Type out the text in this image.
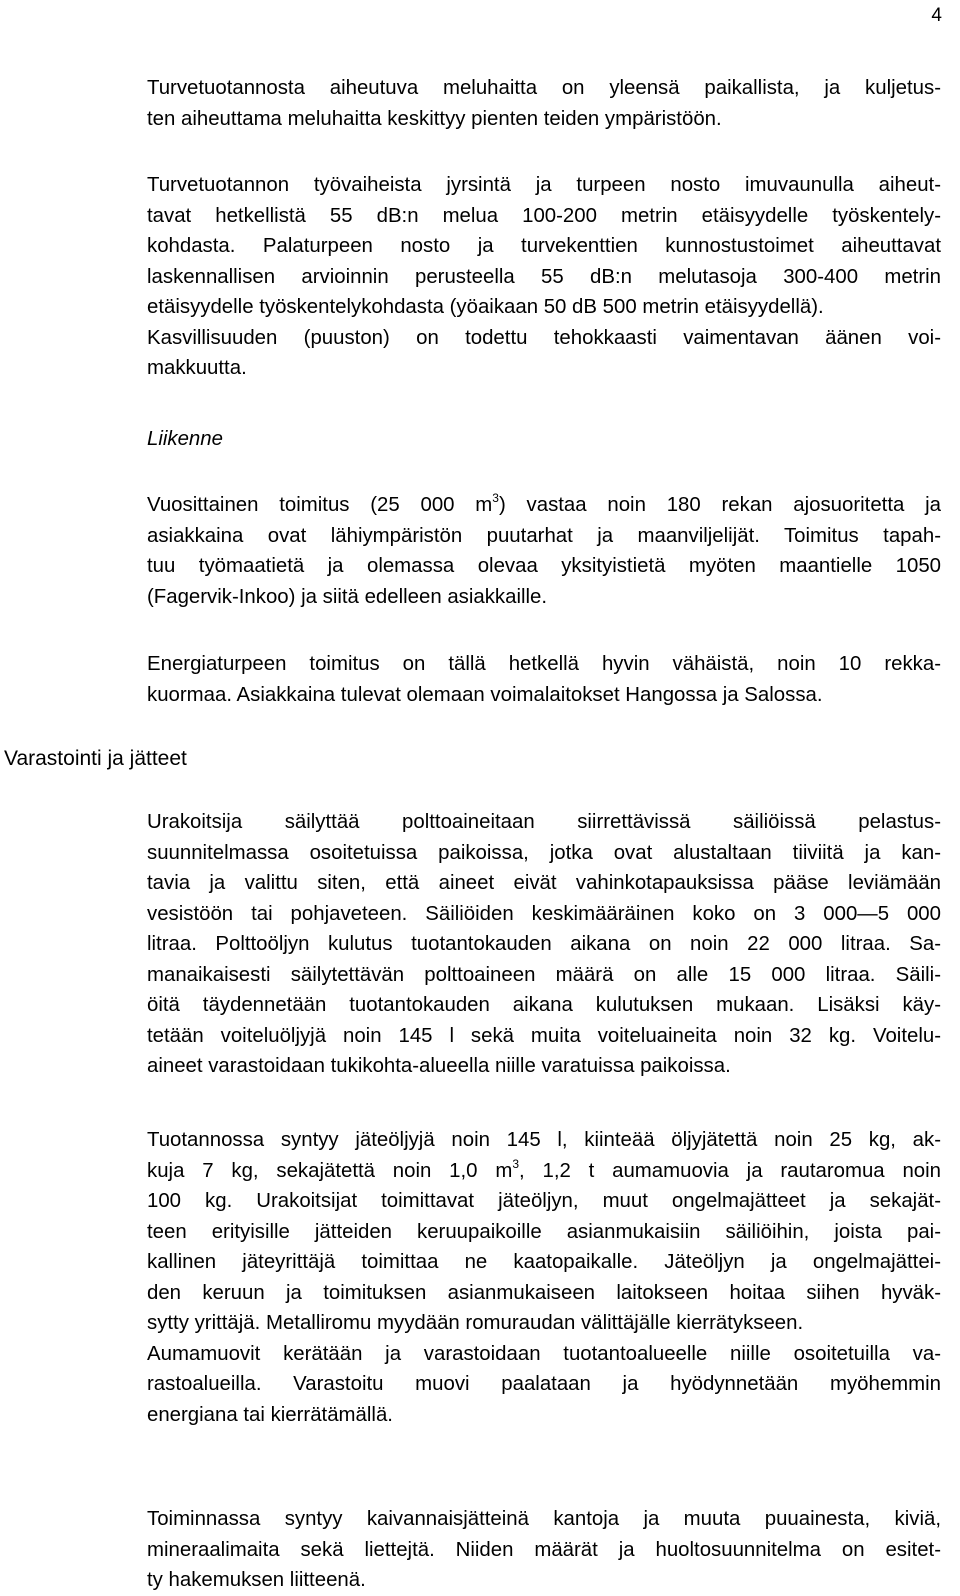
4
Turvetuotannosta aiheutuva meluhaitta on yleensä paikallista, ja kuljetus-
ten aiheuttama meluhaitta keskittyy pienten teiden ympäristöön.
Turvetuotannon työvaiheista jyrsintä ja turpeen nosto imuvaunulla aiheut-
tavat hetkellistä 55 dB:n melua 100-200 metrin etäisyydelle työskentely-
kohdasta. Palaturpeen nosto ja turvekenttien kunnostustoimet aiheuttavat
laskennallisen arvioinnin perusteella 55 dB:n melutasoja 300-400 metrin
etäisyydelle työskentelykohdasta (yöaikaan 50 dB 500 metrin etäisyydellä).
Kasvillisuuden (puuston) on todettu tehokkaasti vaimentavan äänen voi-
makkuutta.
Liikenne
Vuosittainen toimitus (25 000 $m^3$) vastaa noin 180 rekan ajosuoritetta ja
asiakkaina ovat lähiympäristön puutarhat ja maanviljelijät. Toimitus tapah-
tuu työmaatietä ja olemassa olevaa yksityistietä myöten maantielle 1050
(Fagervik-Inkoo) ja siitä edelleen asiakkaille.
Energiaturpeen toimitus on tällä hetkellä hyvin vähäistä, noin 10 rekka-
kuormaa. Asiakkaina tulevat olemaan voimalaitokset Hangossa ja Salossa.
Varastointi ja jätteet
Urakoitsija säilyttää polttoaineitaan siirrettävissä säiliöissä pelastus-
suunnitelmassa osoitetuissa paikoissa, jotka ovat alustaltaan tiiviitä ja kan-
tavia ja valittu siten, että aineet eivät vahinkotapauksissa pääse leviämään
vesistöön tai pohjaveteen. Säiliöiden keskimääräinen koko on 3 000—5 000
litraa. Polttoöljyn kulutus tuotantokauden aikana on noin 22 000 litraa. Sa-
manaikaisesti säilytettävän polttoaineen määrä on alle 15 000 litraa. Säili-
öitä täydennetään tuotantokauden aikana kulutuksen mukaan. Lisäksi käy-
tetään voiteluöljyjä noin 145 l sekä muita voiteluaineita noin 32 kg. Voitelu-
aineet varastoidaan tukikohta-alueella niille varatuissa paikoissa.
Tuotannossa syntyy jäteöljyjä noin 145 l, kiinteää öljyjätettä noin 25 kg, ak-
kuja 7 kg, sekajätettä noin 1,0 $m^3$, 1,2 t aumamuovia ja rautaromua noin
100 kg. Urakoitsijat toimittavat jäteöljyn, muut ongelmajätteet ja sekajät-
teen erityisille jätteiden keruupaikoille asianmukaisiin säiliöihin, joista pai-
kallinen jäteyrittäjä toimittaa ne kaatopaikalle. Jäteöljyn ja ongelmajättei-
den keruun ja toimituksen asianmukaiseen laitokseen hoitaa siihen hyväk-
sytty yrittäjä. Metalliromu myydään romuraudan välittäjälle kierrätykseen.
Aumamuovit kerätään ja varastoidaan tuotantoalueelle niille osoitetuilla va-
rastoalueilla. Varastoitu muovi paalataan ja hyödynnetään myöhemmin
energiana tai kierrätämällä.
Toiminnassa syntyy kaivannaisjätteinä kantoja ja muuta puuainesta, kiviä,
mineraalimaita sekä liettejtä. Niiden määrät ja huoltosuunnitelma on esitet-
ty hakemuksen liitteenä.
